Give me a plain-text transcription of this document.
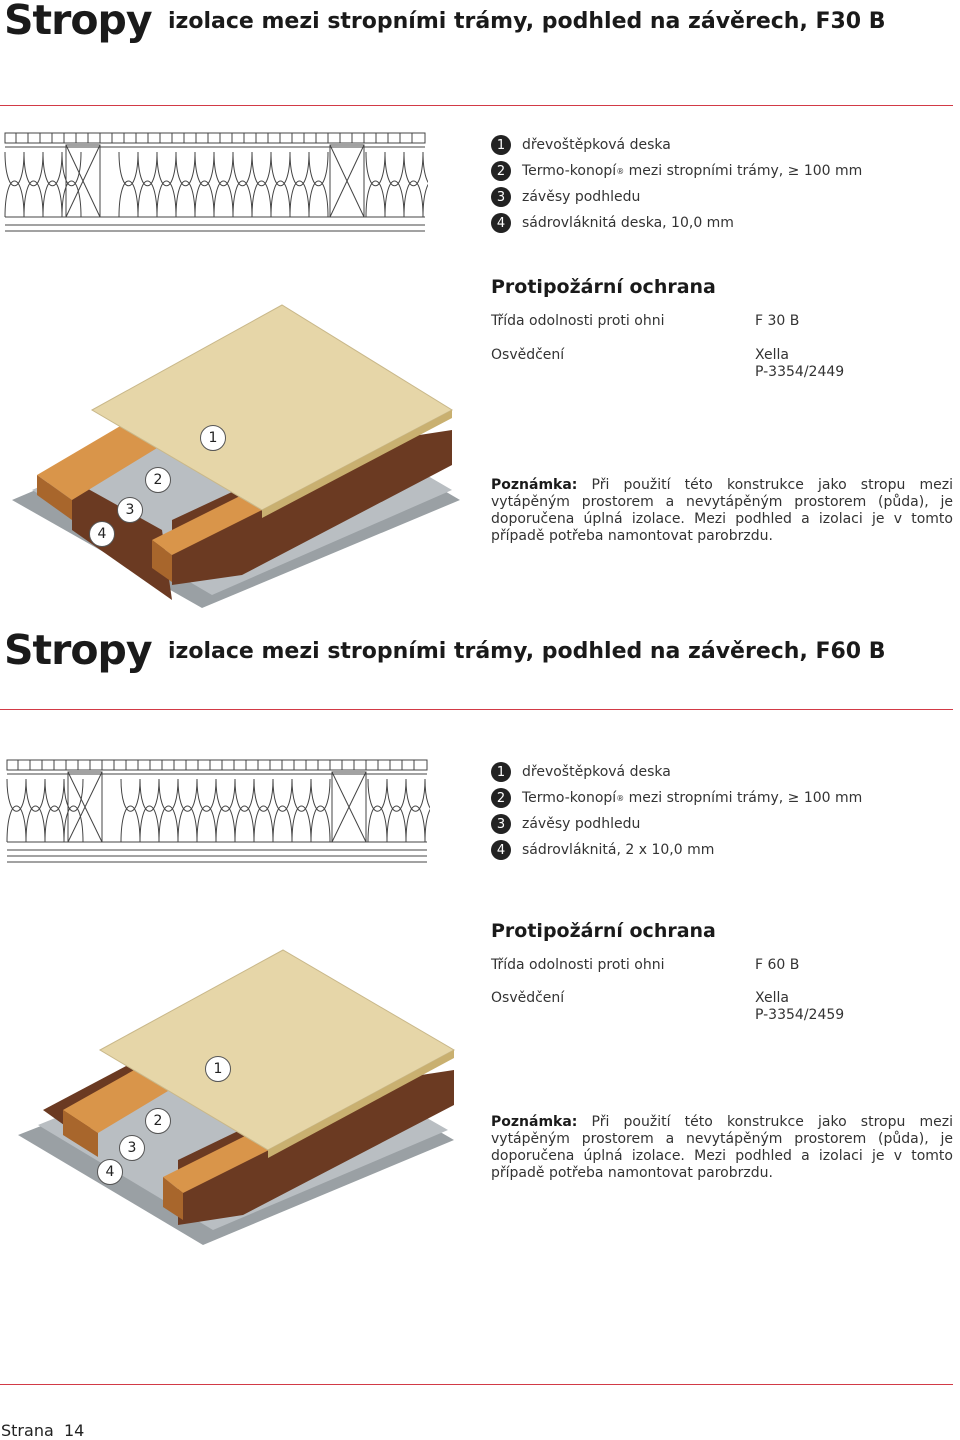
Stropy izolace mezi stropními trámy, podhled na závěrech, F30 B
1	dřevoštěpková deska
2	Termo-konopí ® mezi stropními trámy, ≥ 100 mm
3	závěsy podhledu
4	sádrovláknitá deska, 10,0 mm
Protipožární ochrana
Třída odolnosti proti ohni	F 30 B
Osvědčení	Xella
P-3354/2449
1
2
3
4
Poznámka: Při použití této konstrukce jako stropu mezi vytápěným prostorem a nevytápěným prostorem (půda), je doporučena úplná izolace. Mezi podhled a izolaci je v tomto případě potřeba namontovat parobrzdu.
Stropy izolace mezi stropními trámy, podhled na závěrech, F60 B
1	dřevoštěpková deska
2	Termo-konopí ® mezi stropními trámy, ≥ 100 mm
3	závěsy podhledu
4	sádrovláknitá, 2 x 10,0 mm
Protipožární ochrana
Třída odolnosti proti ohni	F 60 B
Osvědčení	Xella
P-3354/2459
1
2
3
4
Poznámka: Při použití této konstrukce jako stropu mezi vytápěným prostorem a nevytápěným prostorem (půda), je doporučena úplná izolace. Mezi podhled a izolaci je v tomto případě potřeba namontovat parobrzdu.
Strana 14
